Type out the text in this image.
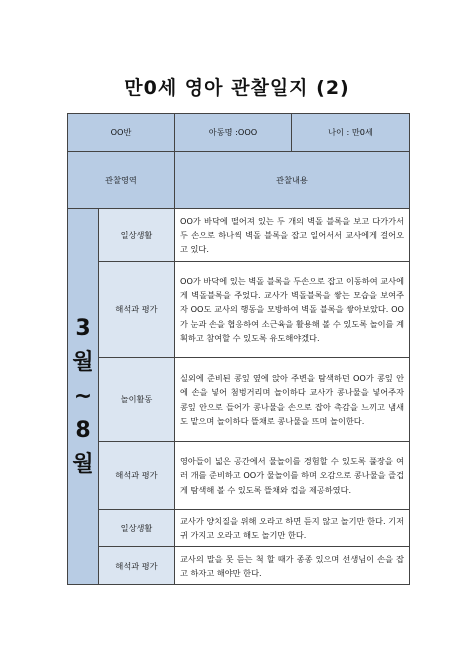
만0세 영아 관찰일지 (2)
OO반		아동명 :OOO	나이 : 만0세
관찰영역		관찰내용	

3
월
~
8
월	일상생활	OO가 바닥에 떨어져 있는 두 개의 벽돌 블록을 보고 다가가서 두 손으로 하나씩 벽돌 블록을 잡고 일어서서 교사에게 걸어오고 있다.	
	해석과 평가	OO가 바닥에 있는 벽돌 블록을 두손으로 잡고 이동하여 교사에게 벽돌블록을 주었다. 교사가 벽돌블록을 쌓는 모습을 보여주자 OO도 교사의 행동을 모방하여 벽돌 블록을 쌓아보았다. OO가 눈과 손을 협응하여 소근육을 활용해 볼 수 있도록 놀이를 계획하고 참여할 수 있도록 유도해야겠다.	
	놀이활동	실외에 준비된 콩잎 옆에 앉아 주변을 탐색하던 OO가 콩잎 안에 손을 넣어 첨벙거리며 놀이하다 교사가 콩나물을 넣어주자 콩잎 안으로 들어가 콩나물을 손으로 잡아 촉감을 느끼고 냄새도 맡으며 놀이하다 뜰채로 콩나물을 뜨며 놀이한다.	
	해석과 평가	영아들이 넓은 공간에서 물놀이를 경험할 수 있도록 풀장을 여러 개를 준비하고 OO가 물놀이를 하며 오감으로 콩나물을 즐겁게 탐색해 볼 수 있도록 뜰채와 컵을 제공하였다.	
	일상생활	교사가 양치질을 위해 오라고 하면 듣지 않고 놀기만 한다. 기저귀 가지고 오라고 해도 놀기만 한다.	
	해석과 평가	교사의 말을 못 듣는 척 할 때가 종종 있으며 선생님이 손을 잡고 하자고 해야만 한다.	
